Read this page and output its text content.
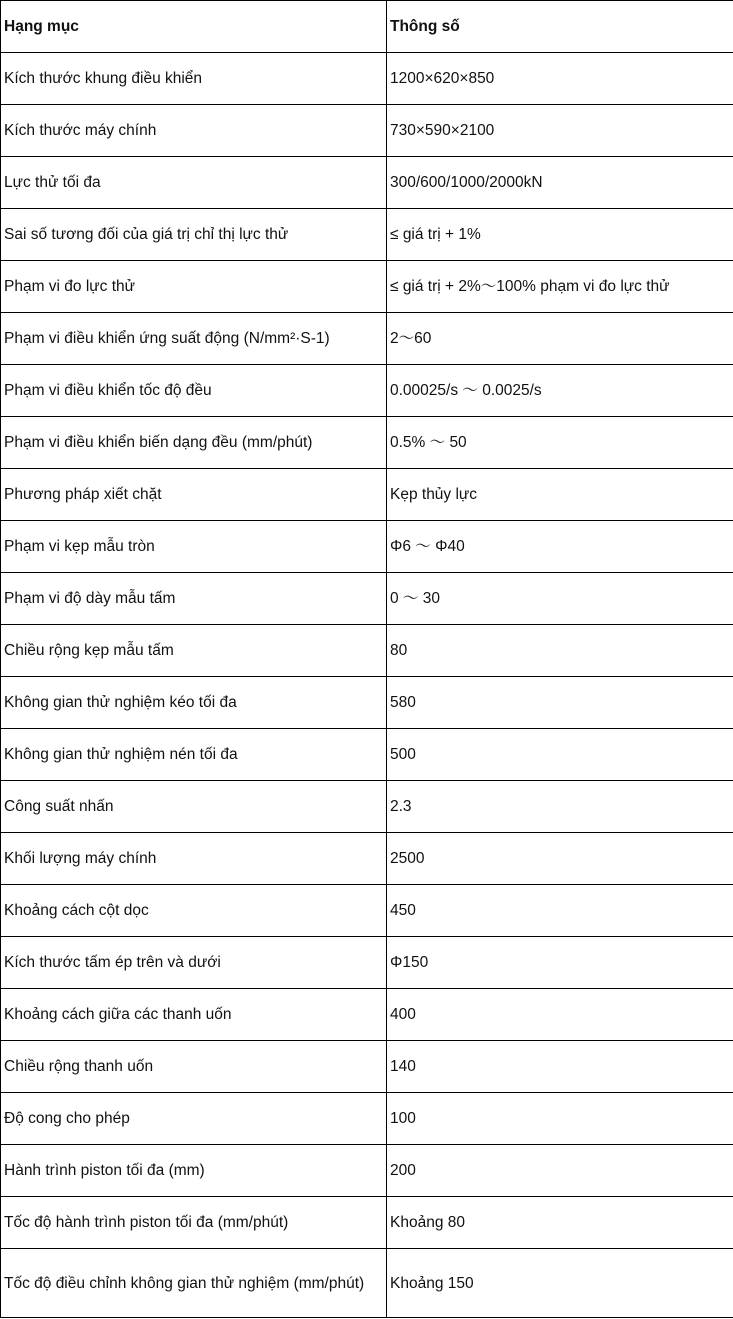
Hạng mục	Thông số
Kích thước khung điều khiển	1200×620×850
Kích thước máy chính	730×590×2100
Lực thử tối đa	300/600/1000/2000kN
Sai số tương đối của giá trị chỉ thị lực thử	≤ giá trị + 1%
Phạm vi đo lực thử	≤ giá trị + 2%～100% phạm vi đo lực thử
Phạm vi điều khiển ứng suất động (N/mm²·S-1)	2～60
Phạm vi điều khiển tốc độ đều	0.00025/s ～ 0.0025/s
Phạm vi điều khiển biến dạng đều (mm/phút)	0.5% ～ 50
Phương pháp xiết chặt	Kẹp thủy lực
Phạm vi kẹp mẫu tròn	Φ6 ～ Φ40
Phạm vi độ dày mẫu tấm	0 ～ 30
Chiều rộng kẹp mẫu tấm	80
Không gian thử nghiệm kéo tối đa	580
Không gian thử nghiệm nén tối đa	500
Công suất nhấn	2.3
Khối lượng máy chính	2500
Khoảng cách cột dọc	450
Kích thước tấm ép trên và dưới	Φ150
Khoảng cách giữa các thanh uốn	400
Chiều rộng thanh uốn	140
Độ cong cho phép	100
Hành trình piston tối đa (mm)	200
Tốc độ hành trình piston tối đa (mm/phút)	Khoảng 80
Tốc độ điều chỉnh không gian thử nghiệm (mm/phút)	Khoảng 150
